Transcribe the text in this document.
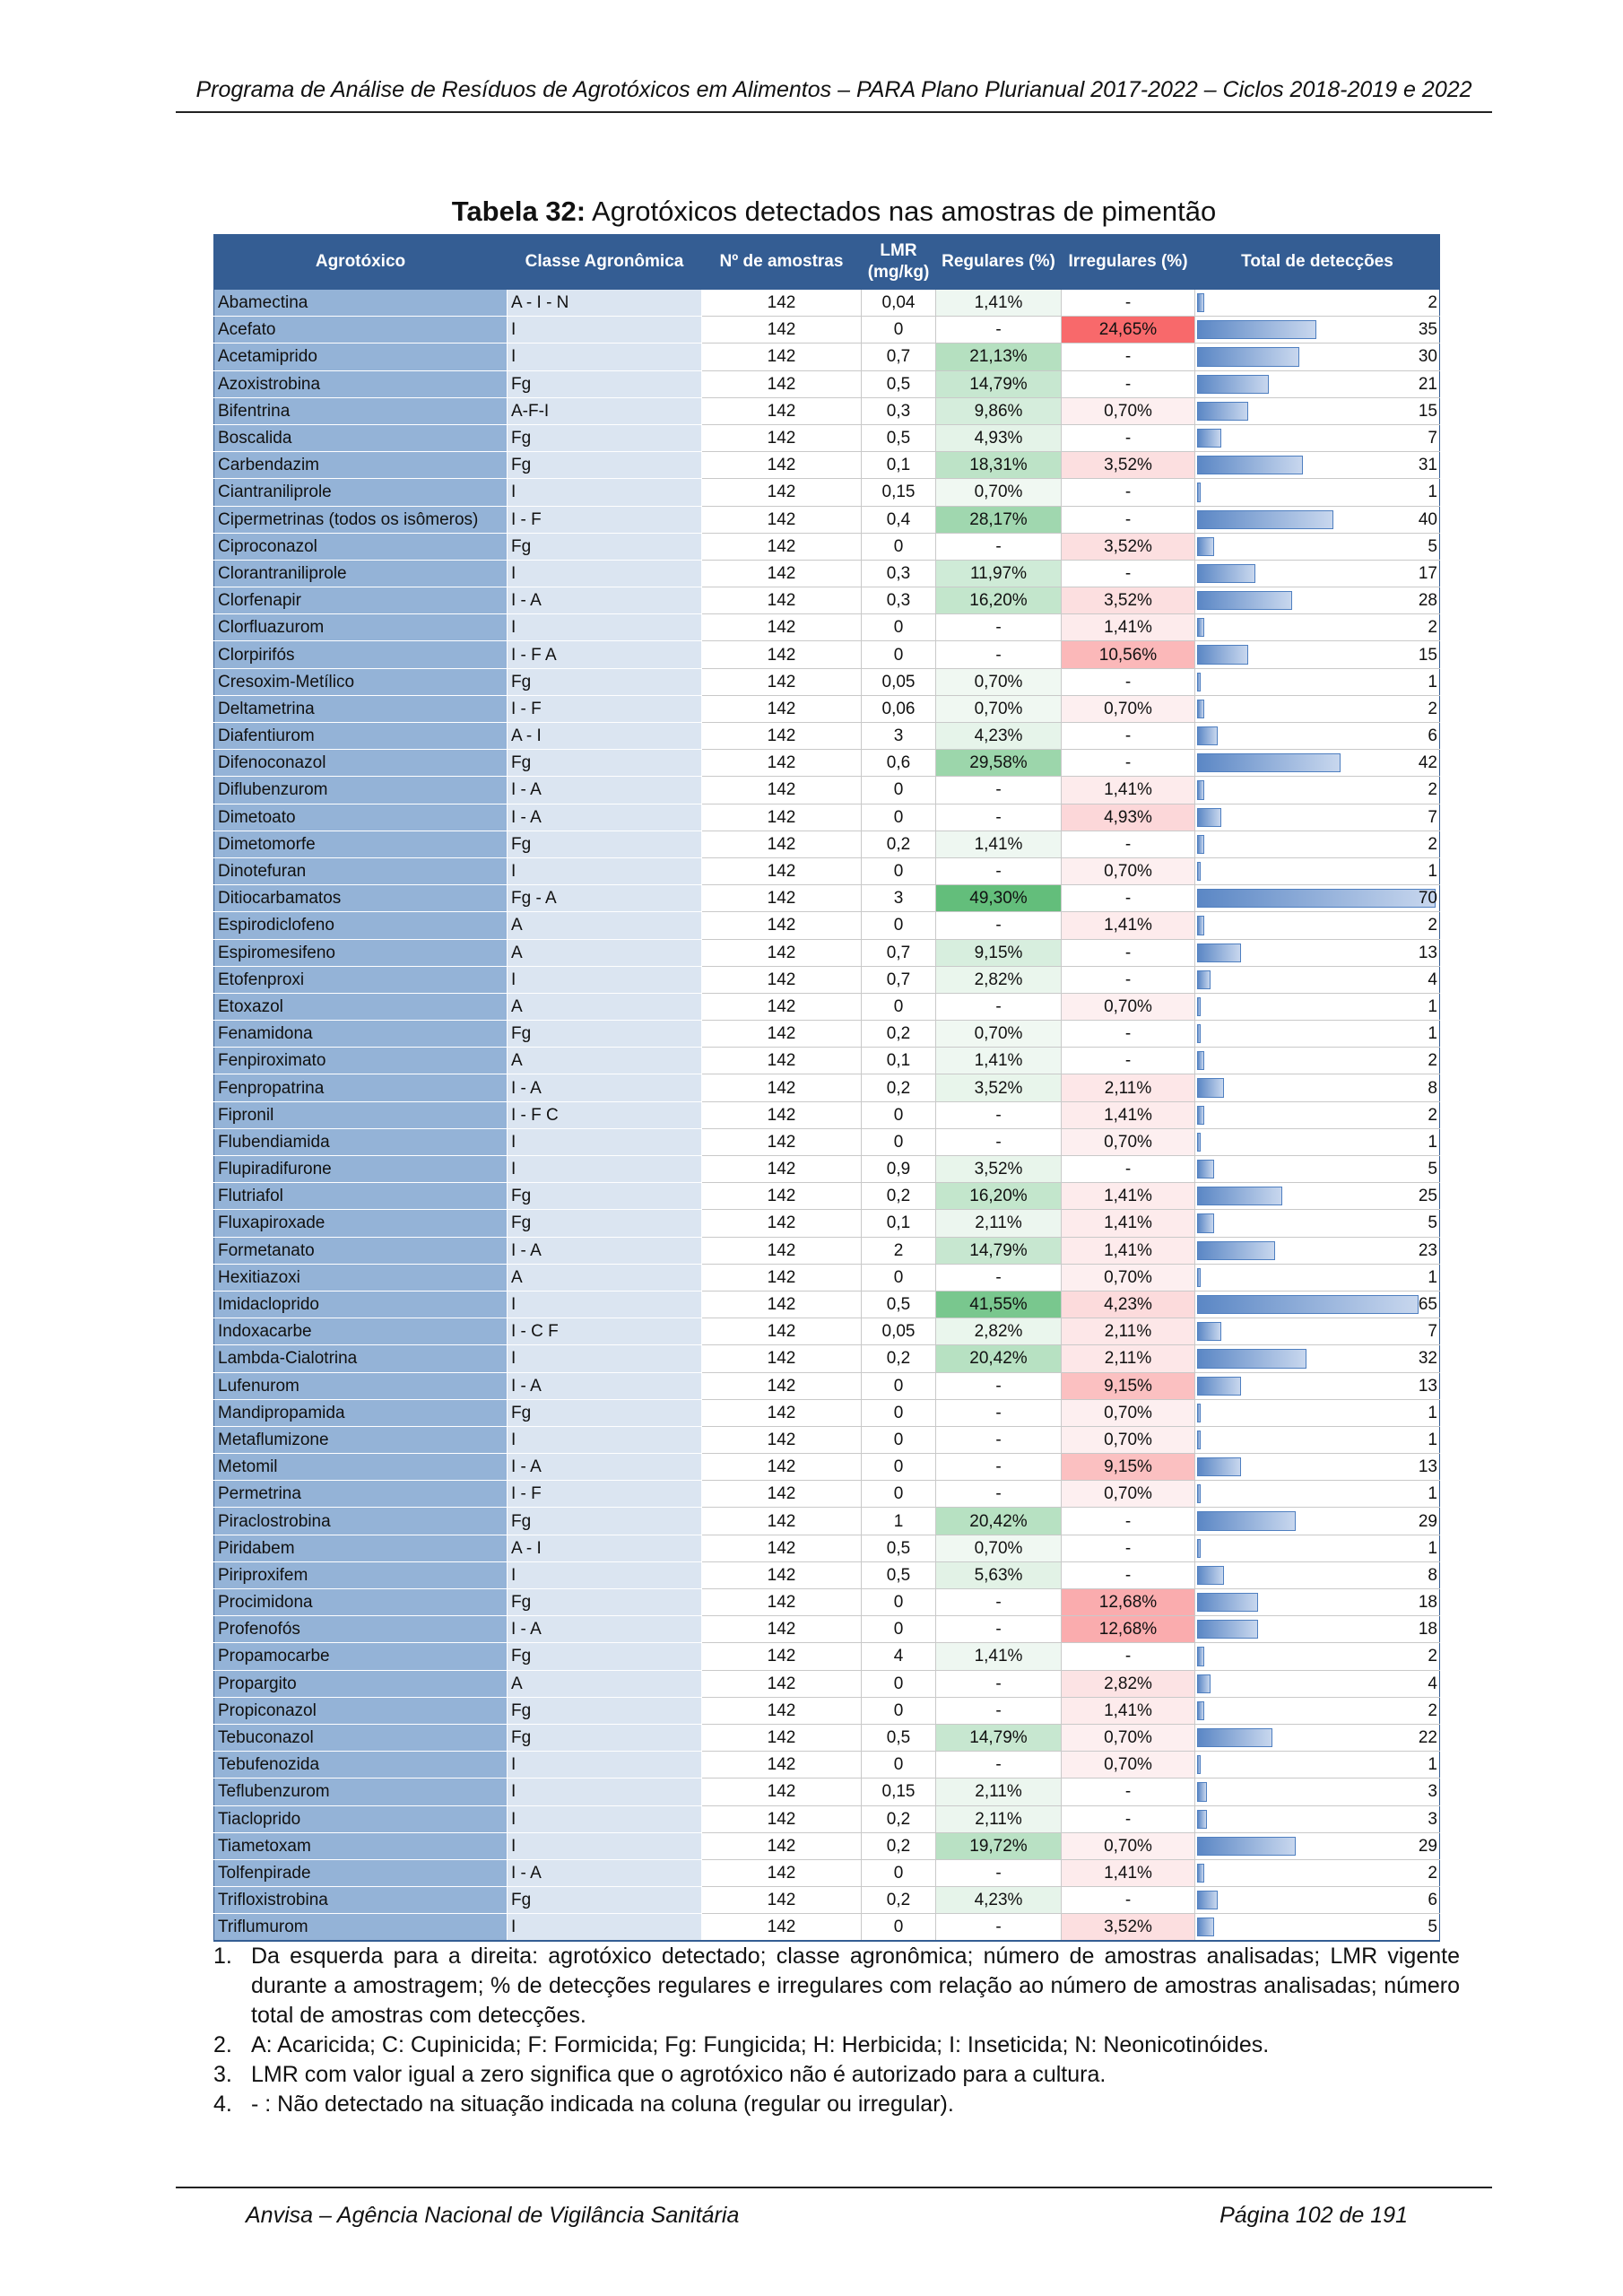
Programa de Análise de Resíduos de Agrotóxicos em Alimentos – PARA Plano Plurianual 2017-2022 – Ciclos 2018-2019 e 2022
Tabela 32: Agrotóxicos detectados nas amostras de pimentão
Agrotóxico	Classe Agronômica	Nº de amostras	LMR (mg/kg)	Regulares (%)	Irregulares (%)	Total de detecções
Abamectina	A - I - N	142	0,04	1,41%	-	2
Acefato	I	142	0	-	24,65%	35
Acetamiprido	I	142	0,7	21,13%	-	30
Azoxistrobina	Fg	142	0,5	14,79%	-	21
Bifentrina	A-F-I	142	0,3	9,86%	0,70%	15
Boscalida	Fg	142	0,5	4,93%	-	7
Carbendazim	Fg	142	0,1	18,31%	3,52%	31
Ciantraniliprole	I	142	0,15	0,70%	-	1
Cipermetrinas (todos os isômeros)	I - F	142	0,4	28,17%	-	40
Ciproconazol	Fg	142	0	-	3,52%	5
Clorantraniliprole	I	142	0,3	11,97%	-	17
Clorfenapir	I - A	142	0,3	16,20%	3,52%	28
Clorfluazurom	I	142	0	-	1,41%	2
Clorpirifós	I - F A	142	0	-	10,56%	15
Cresoxim-Metílico	Fg	142	0,05	0,70%	-	1
Deltametrina	I - F	142	0,06	0,70%	0,70%	2
Diafentiurom	A - I	142	3	4,23%	-	6
Difenoconazol	Fg	142	0,6	29,58%	-	42
Diflubenzurom	I - A	142	0	-	1,41%	2
Dimetoato	I - A	142	0	-	4,93%	7
Dimetomorfe	Fg	142	0,2	1,41%	-	2
Dinotefuran	I	142	0	-	0,70%	1
Ditiocarbamatos	Fg - A	142	3	49,30%	-	70
Espirodiclofeno	A	142	0	-	1,41%	2
Espiromesifeno	A	142	0,7	9,15%	-	13
Etofenproxi	I	142	0,7	2,82%	-	4
Etoxazol	A	142	0	-	0,70%	1
Fenamidona	Fg	142	0,2	0,70%	-	1
Fenpiroximato	A	142	0,1	1,41%	-	2
Fenpropatrina	I - A	142	0,2	3,52%	2,11%	8
Fipronil	I - F C	142	0	-	1,41%	2
Flubendiamida	I	142	0	-	0,70%	1
Flupiradifurone	I	142	0,9	3,52%	-	5
Flutriafol	Fg	142	0,2	16,20%	1,41%	25
Fluxapiroxade	Fg	142	0,1	2,11%	1,41%	5
Formetanato	I - A	142	2	14,79%	1,41%	23
Hexitiazoxi	A	142	0	-	0,70%	1
Imidacloprido	I	142	0,5	41,55%	4,23%	65
Indoxacarbe	I - C F	142	0,05	2,82%	2,11%	7
Lambda-Cialotrina	I	142	0,2	20,42%	2,11%	32
Lufenurom	I - A	142	0	-	9,15%	13
Mandipropamida	Fg	142	0	-	0,70%	1
Metaflumizone	I	142	0	-	0,70%	1
Metomil	I - A	142	0	-	9,15%	13
Permetrina	I - F	142	0	-	0,70%	1
Piraclostrobina	Fg	142	1	20,42%	-	29
Piridabem	A - I	142	0,5	0,70%	-	1
Piriproxifem	I	142	0,5	5,63%	-	8
Procimidona	Fg	142	0	-	12,68%	18
Profenofós	I - A	142	0	-	12,68%	18
Propamocarbe	Fg	142	4	1,41%	-	2
Propargito	A	142	0	-	2,82%	4
Propiconazol	Fg	142	0	-	1,41%	2
Tebuconazol	Fg	142	0,5	14,79%	0,70%	22
Tebufenozida	I	142	0	-	0,70%	1
Teflubenzurom	I	142	0,15	2,11%	-	3
Tiacloprido	I	142	0,2	2,11%	-	3
Tiametoxam	I	142	0,2	19,72%	0,70%	29
Tolfenpirade	I - A	142	0	-	1,41%	2
Trifloxistrobina	Fg	142	0,2	4,23%	-	6
Triflumurom	I	142	0	-	3,52%	5
1. Da esquerda para a direita: agrotóxico detectado; classe agronômica; número de amostras analisadas; LMR vigente durante a amostragem; % de detecções regulares e irregulares com relação ao número de amostras analisadas; número total de amostras com detecções.
2. A: Acaricida; C: Cupinicida; F: Formicida; Fg: Fungicida; H: Herbicida; I: Inseticida; N: Neonicotinóides.
3. LMR com valor igual a zero significa que o agrotóxico não é autorizado para a cultura.
4. - : Não detectado na situação indicada na coluna (regular ou irregular).
Anvisa – Agência Nacional de Vigilância Sanitária	Página 102 de 191
